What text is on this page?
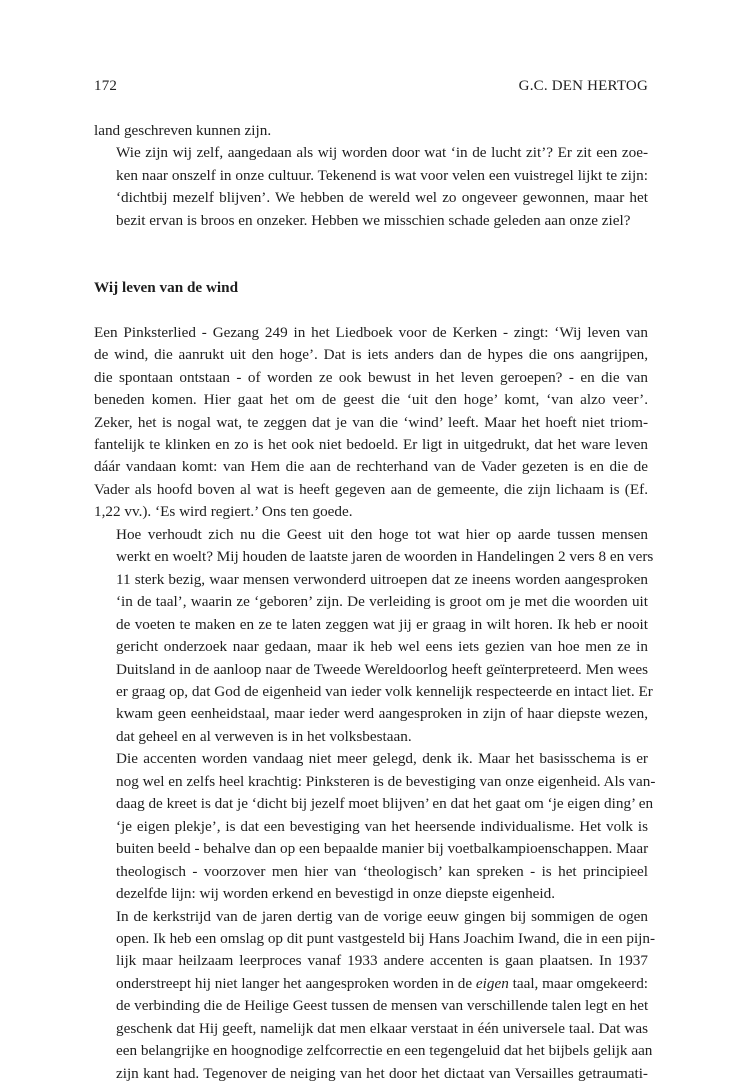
172	G.C. DEN HERTOG

land geschreven kunnen zijn.

Wie zijn wij zelf, aangedaan als wij worden door wat ‘in de lucht zit’? Er zit een zoe-
ken naar onszelf in onze cultuur. Tekenend is wat voor velen een vuistregel lijkt te zijn:
‘dichtbij mezelf blijven’. We hebben de wereld wel zo ongeveer gewonnen, maar het
bezit ervan is broos en onzeker. Hebben we misschien schade geleden aan onze ziel?

Wij leven van de wind

Een Pinksterlied - Gezang 249 in het Liedboek voor de Kerken - zingt: ‘Wij leven van
de wind, die aanrukt uit den hoge’. Dat is iets anders dan de hypes die ons aangrijpen,
die spontaan ontstaan - of worden ze ook bewust in het leven geroepen? - en die van
beneden komen. Hier gaat het om de geest die ‘uit den hoge’ komt, ‘van alzo veer’.
Zeker, het is nogal wat, te zeggen dat je van die ‘wind’ leeft. Maar het hoeft niet triom-
fantelijk te klinken en zo is het ook niet bedoeld. Er ligt in uitgedrukt, dat het ware leven
dáár vandaan komt: van Hem die aan de rechterhand van de Vader gezeten is en die de
Vader als hoofd boven al wat is heeft gegeven aan de gemeente, die zijn lichaam is (Ef.
1,22 vv.). ‘Es wird regiert.’ Ons ten goede.

Hoe verhoudt zich nu die Geest uit den hoge tot wat hier op aarde tussen mensen
werkt en woelt? Mij houden de laatste jaren de woorden in Handelingen 2 vers 8 en vers
11 sterk bezig, waar mensen verwonderd uitroepen dat ze ineens worden aangesproken
‘in de taal’, waarin ze ‘geboren’ zijn. De verleiding is groot om je met die woorden uit
de voeten te maken en ze te laten zeggen wat jij er graag in wilt horen. Ik heb er nooit
gericht onderzoek naar gedaan, maar ik heb wel eens iets gezien van hoe men ze in
Duitsland in de aanloop naar de Tweede Wereldoorlog heeft geïnterpreteerd. Men wees
er graag op, dat God de eigenheid van ieder volk kennelijk respecteerde en intact liet. Er
kwam geen eenheidstaal, maar ieder werd aangesproken in zijn of haar diepste wezen,
dat geheel en al verweven is in het volksbestaan.

Die accenten worden vandaag niet meer gelegd, denk ik. Maar het basisschema is er
nog wel en zelfs heel krachtig: Pinksteren is de bevestiging van onze eigenheid. Als van-
daag de kreet is dat je ‘dicht bij jezelf moet blijven’ en dat het gaat om ‘je eigen ding’ en
‘je eigen plekje’, is dat een bevestiging van het heersende individualisme. Het volk is
buiten beeld - behalve dan op een bepaalde manier bij voetbalkampioenschappen. Maar
theologisch - voorzover men hier van ‘theologisch’ kan spreken - is het principieel
dezelfde lijn: wij worden erkend en bevestigd in onze diepste eigenheid.

In de kerkstrijd van de jaren dertig van de vorige eeuw gingen bij sommigen de ogen
open. Ik heb een omslag op dit punt vastgesteld bij Hans Joachim Iwand, die in een pijn-
lijk maar heilzaam leerproces vanaf 1933 andere accenten is gaan plaatsen. In 1937
onderstreept hij niet langer het aangesproken worden in de eigen taal, maar omgekeerd:
de verbinding die de Heilige Geest tussen de mensen van verschillende talen legt en het
geschenk dat Hij geeft, namelijk dat men elkaar verstaat in één universele taal. Dat was
een belangrijke en hoognodige zelfcorrectie en een tegengeluid dat het bijbels gelijk aan
zijn kant had. Tegenover de neiging van het door het dictaat van Versailles getraumati-
